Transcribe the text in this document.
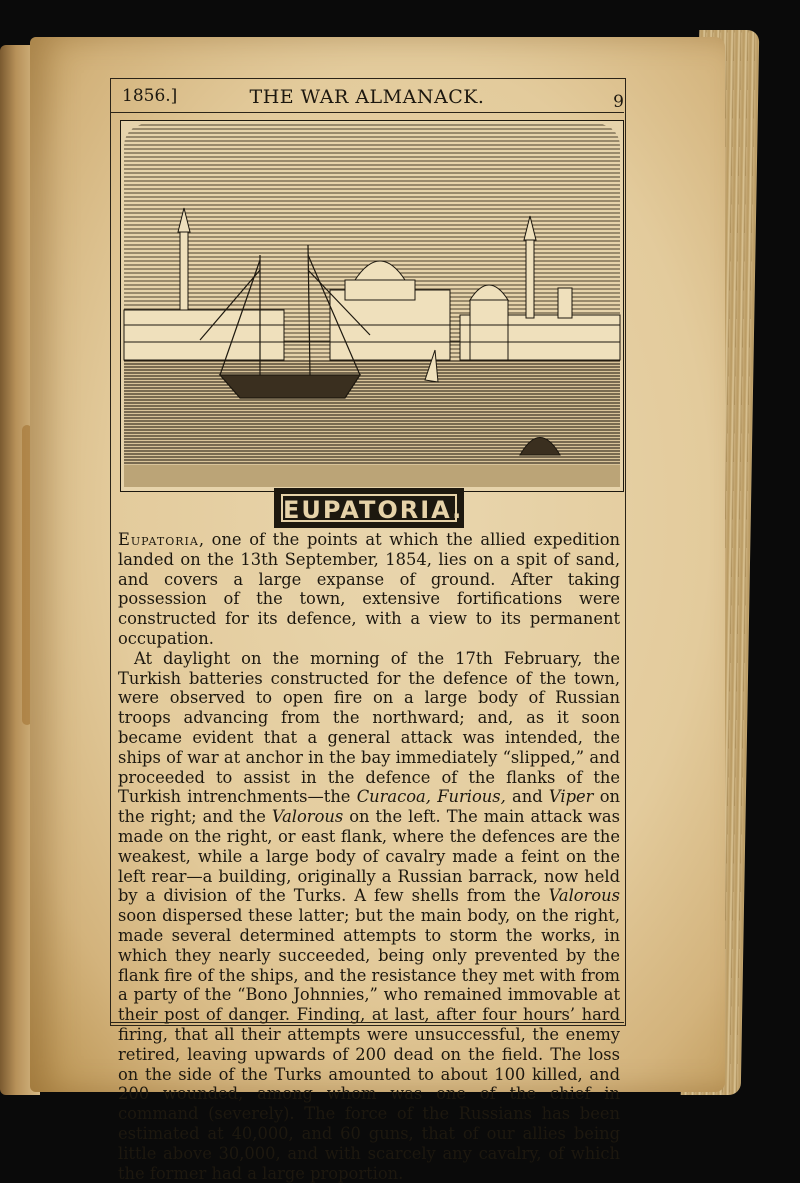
1856.]	THE WAR ALMANACK.	9
EUPATORIA.

Eupatoria, one of the points at which the allied expedition landed on the 13th September, 1854, lies on a spit of sand, and covers a large expanse of ground. After taking possession of the town, extensive fortifications were constructed for its defence, with a view to its permanent occupation.

At daylight on the morning of the 17th February, the Turkish batteries constructed for the defence of the town, were observed to open fire on a large body of Russian troops advancing from the northward; and, as it soon became evident that a general attack was intended, the ships of war at anchor in the bay immediately “slipped,” and proceeded to assist in the defence of the flanks of the Turkish intrenchments—the Curacoa, Furious, and Viper on the right; and the Valorous on the left. The main attack was made on the right, or east flank, where the defences are the weakest, while a large body of cavalry made a feint on the left rear—a building, originally a Russian barrack, now held by a division of the Turks. A few shells from the Valorous soon dispersed these latter; but the main body, on the right, made several determined attempts to storm the works, in which they nearly succeeded, being only prevented by the flank fire of the ships, and the resistance they met with from a party of the “Bono Johnnies,” who remained immovable at their post of danger. Finding, at last, after four hours’ hard firing, that all their attempts were unsuccessful, the enemy retired, leaving upwards of 200 dead on the field. The loss on the side of the Turks amounted to about 100 killed, and 200 wounded, among whom was one of the chief in command (severely). The force of the Russians has been estimated at 40,000, and 60 guns, that of our allies being little above 30,000, and with scarcely any cavalry, of which the former had a large proportion.
